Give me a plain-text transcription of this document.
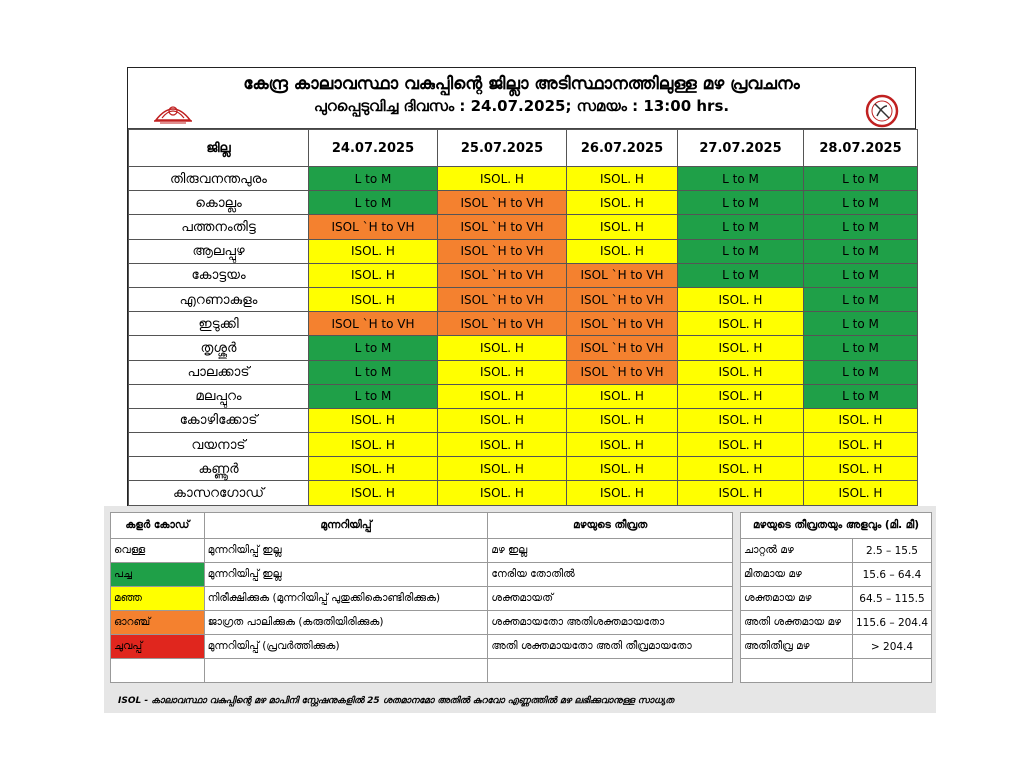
കേന്ദ്ര കാലാവസ്ഥാ വകുപ്പിന്റെ ജില്ലാ അടിസ്ഥാനത്തിലുള്ള മഴ പ്രവചനം
പുറപ്പെടുവിച്ച ദിവസം : 24.07.2025; സമയം : 13:00 hrs.
ജില്ല	24.07.2025	25.07.2025	26.07.2025	27.07.2025	28.07.2025
തിരുവനന്തപുരം	L to M	ISOL. H	ISOL. H	L to M	L to M
കൊല്ലം	L to M	ISOL `H to VH	ISOL. H	L to M	L to M
പത്തനംതിട്ട	ISOL `H to VH	ISOL `H to VH	ISOL. H	L to M	L to M
ആലപ്പുഴ	ISOL. H	ISOL `H to VH	ISOL. H	L to M	L to M
കോട്ടയം	ISOL. H	ISOL `H to VH	ISOL `H to VH	L to M	L to M
എറണാകുളം	ISOL. H	ISOL `H to VH	ISOL `H to VH	ISOL. H	L to M
ഇടുക്കി	ISOL `H to VH	ISOL `H to VH	ISOL `H to VH	ISOL. H	L to M
തൃശ്ശൂർ	L to M	ISOL. H	ISOL `H to VH	ISOL. H	L to M
പാലക്കാട്	L to M	ISOL. H	ISOL `H to VH	ISOL. H	L to M
മലപ്പുറം	L to M	ISOL. H	ISOL. H	ISOL. H	L to M
കോഴിക്കോട്	ISOL. H	ISOL. H	ISOL. H	ISOL. H	ISOL. H
വയനാട്	ISOL. H	ISOL. H	ISOL. H	ISOL. H	ISOL. H
കണ്ണൂർ	ISOL. H	ISOL. H	ISOL. H	ISOL. H	ISOL. H
കാസറഗോഡ്	ISOL. H	ISOL. H	ISOL. H	ISOL. H	ISOL. H
കളർ കോഡ്	മുന്നറിയിപ്പ്	മഴയുടെ തീവ്രത
വെള്ള	മുന്നറിയിപ്പ് ഇല്ല	മഴ ഇല്ല
പച്ച	മുന്നറിയിപ്പ് ഇല്ല	നേരിയ തോതിൽ
മഞ്ഞ	നിരീക്ഷിക്കുക (മുന്നറിയിപ്പ് പുതുക്കികൊണ്ടിരിക്കുക)	ശക്തമായത്
ഓറഞ്ച്	ജാഗ്രത പാലിക്കുക (കരുതിയിരിക്കുക)	ശക്തമായതോ അതിശക്തമായതോ
ചുവപ്പ്	മുന്നറിയിപ്പ് (പ്രവർത്തിക്കുക)	അതി ശക്തമായതോ അതി തീവ്രമായതോ

മഴയുടെ തീവ്രതയും അളവും (മി. മീ)	
ചാറ്റൽ മഴ	2.5 – 15.5
മിതമായ മഴ	15.6 – 64.4
ശക്തമായ മഴ	64.5 – 115.5
അതി ശക്തമായ മഴ	115.6 – 204.4
അതിതീവ്ര മഴ	> 204.4

ISOL - കാലാവസ്ഥാ വകുപ്പിന്റെ മഴ മാപിനി സ്റ്റേഷനുകളിൽ 25 ശതമാനമോ അതിൽ കുറവോ എണ്ണത്തിൽ മഴ ലഭിക്കുവാനുള്ള സാധ്യത
